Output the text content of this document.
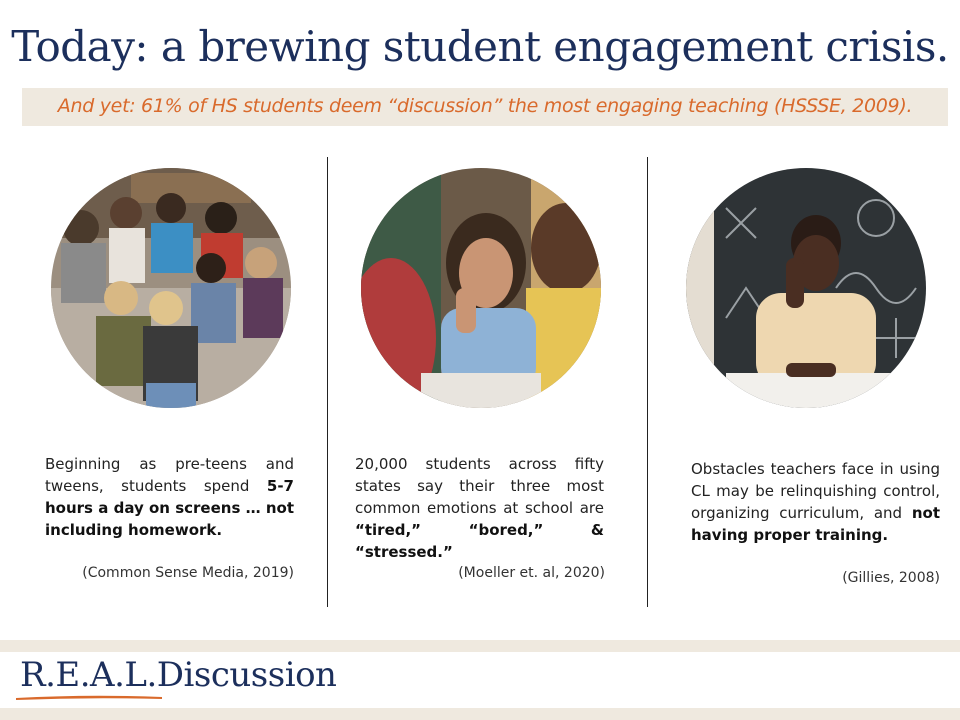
Today: a brewing student engagement crisis.
And yet: 61% of HS students deem “discussion” the most engaging teaching (HSSSE, 2009).
Beginning as pre-teens and tweens, students spend 5-7 hours a day on screens … not including homework.
(Common Sense Media, 2019)
20,000 students across fifty states say their three most common emotions at school are “tired,” “bored,” & “stressed.”
(Moeller et. al, 2020)
Obstacles teachers face in using CL may be relinquishing control, organizing curriculum, and not having proper training.
(Gillies, 2008)
R.E.A.L.Discussion
